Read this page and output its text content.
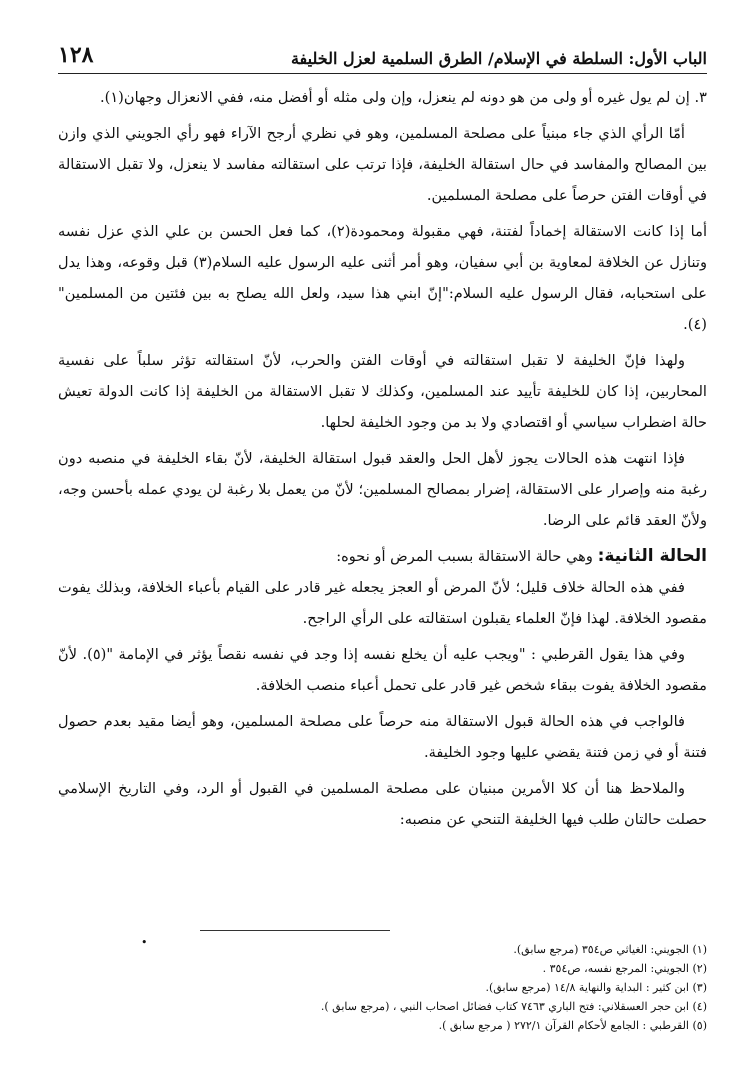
الباب الأول: السلطة في الإسلام/ الطرق السلمية لعزل الخليفة
١٢٨

٣. إن لم يول غيره أو ولى من هو دونه لم ينعزل، وإن ولى مثله أو أفضل منه، ففي الانعزال وجهان(١).

أمّا الرأي الذي جاء مبنياً على مصلحة المسلمين، وهو في نظري أرجح الآراء فهو رأي الجويني الذي وازن بين المصالح والمفاسد في حال استقالة الخليفة، فإذا ترتب على استقالته مفاسد لا ينعزل، ولا تقبل الاستقالة في أوقات الفتن حرصاً على مصلحة المسلمين.

أما إذا كانت الاستقالة إخماداً لفتنة، فهي مقبولة ومحمودة(٢)، كما فعل الحسن بن علي الذي عزل نفسه وتنازل عن الخلافة لمعاوية بن أبي سفيان، وهو أمر أثنى عليه الرسول عليه السلام(٣) قبل وقوعه، وهذا يدل على استحبابه، فقال الرسول عليه السلام:"إنّ ابني هذا سيد، ولعل الله يصلح به بين فئتين من المسلمين"(٤).

ولهذا فإنّ الخليفة لا تقبل استقالته في أوقات الفتن والحرب، لأنّ استقالته تؤثر سلباً على نفسية المحاربين، إذا كان للخليفة تأييد عند المسلمين، وكذلك لا تقبل الاستقالة من الخليفة إذا كانت الدولة تعيش حالة اضطراب سياسي أو اقتصادي ولا بد من وجود الخليفة لحلها.

فإذا انتهت هذه الحالات يجوز لأهل الحل والعقد قبول استقالة الخليفة، لأنّ بقاء الخليفة في منصبه دون رغبة منه وإصرار على الاستقالة، إضرار بمصالح المسلمين؛ لأنّ من يعمل بلا رغبة لن يودي عمله بأحسن وجه، ولأنّ العقد قائم على الرضا.

الحالة الثانية: وهي حالة الاستقالة بسبب المرض أو نحوه:

ففي هذه الحالة خلاف قليل؛ لأنّ المرض أو العجز يجعله غير قادر على القيام بأعباء الخلافة، وبذلك يفوت مقصود الخلافة. لهذا فإنّ العلماء يقبلون استقالته على الرأي الراجح.

وفي هذا يقول القرطبي : "ويجب عليه أن يخلع نفسه إذا وجد في نفسه نقصاً يؤثر في الإمامة "(٥). لأنّ مقصود الخلافة يفوت ببقاء شخص غير قادر على تحمل أعباء منصب الخلافة.

فالواجب في هذه الحالة قبول الاستقالة منه حرصاً على مصلحة المسلمين، وهو أيضا مقيد بعدم حصول فتنة أو في زمن فتنة يقضي عليها وجود الخليفة.

والملاحظ هنا أن كلا الأمرين مبنيان على مصلحة المسلمين في القبول أو الرد، وفي التاريخ الإسلامي حصلت حالتان طلب فيها الخليفة التنحي عن منصبه:

•
(١) الجويني: الغياثي ص٣٥٤ (مرجع سابق).
(٢) الجويني: المرجع نفسه، ص٣٥٤ .
(٣) ابن كثير : البداية والنهاية ١٤/٨ (مرجع سابق).
(٤) ابن حجر العسقلاني: فتح الباري ٧٤٦٣ كتاب فضائل اصحاب النبي ، (مرجع سابق ).
(٥) القرطبي : الجامع لأحكام القرآن ٢٧٢/١ ( مرجع سابق ).
